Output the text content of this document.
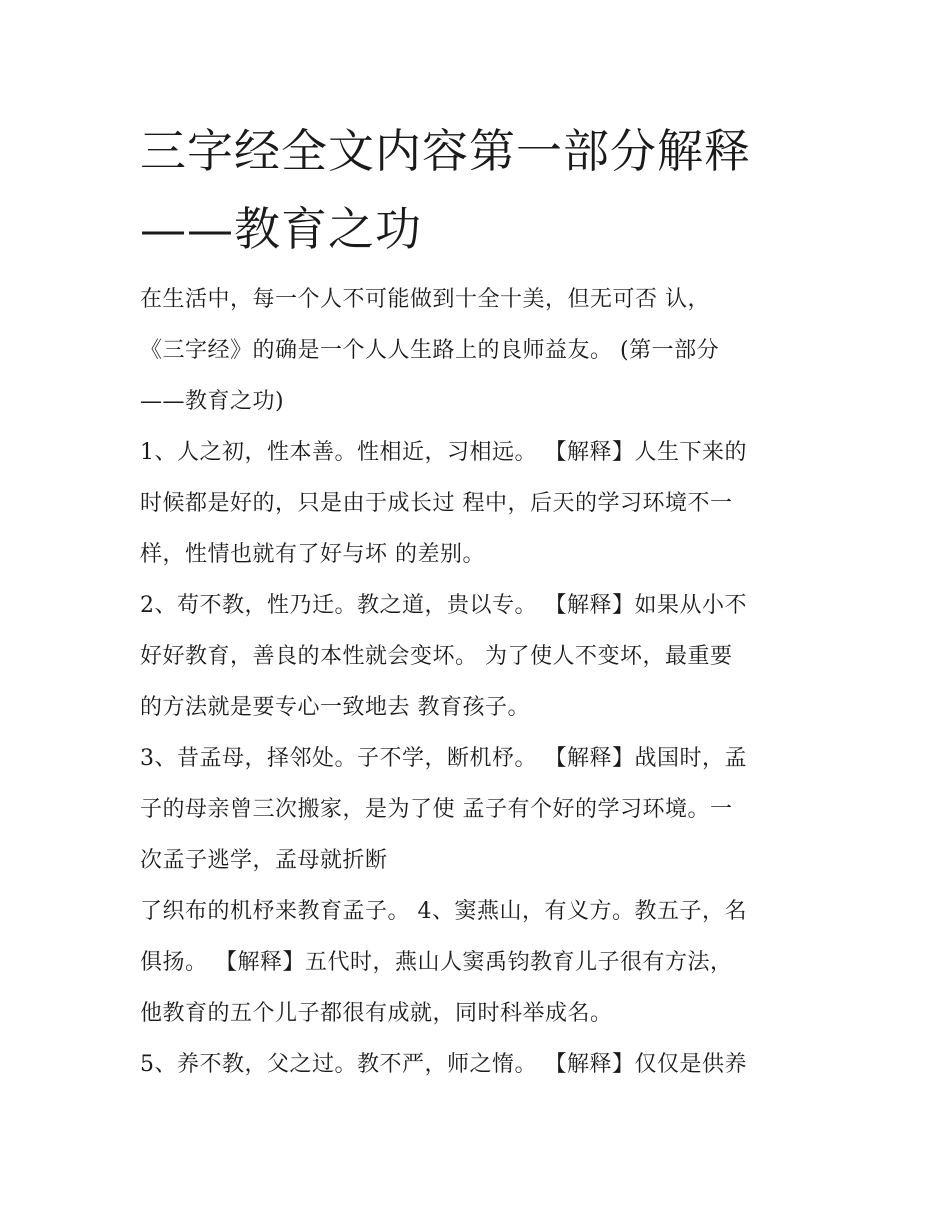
三字经全文内容第一部分解释
——教育之功
在生活中，每一个人不可能做到十全十美，但无可否 认，
《三字经》的确是一个人人生路上的良师益友。 (第一部分
——教育之功)
1、人之初，性本善。性相近，习相远。 【解释】人生下来的
时候都是好的，只是由于成长过 程中，后天的学习环境不一
样，性情也就有了好与坏 的差别。
2、苟不教，性乃迁。教之道，贵以专。 【解释】如果从小不
好好教育，善良的本性就会变坏。 为了使人不变坏，最重要
的方法就是要专心一致地去 教育孩子。
3、昔孟母，择邻处。子不学，断机杼。 【解释】战国时，孟
子的母亲曾三次搬家，是为了使 孟子有个好的学习环境。一
次孟子逃学，孟母就折断
了织布的机杼来教育孟子。 4、窦燕山，有义方。教五子，名
俱扬。 【解释】五代时，燕山人窦禹钧教育儿子很有方法，
他教育的五个儿子都很有成就，同时科举成名。
5、养不教，父之过。教不严，师之惰。 【解释】仅仅是供养
